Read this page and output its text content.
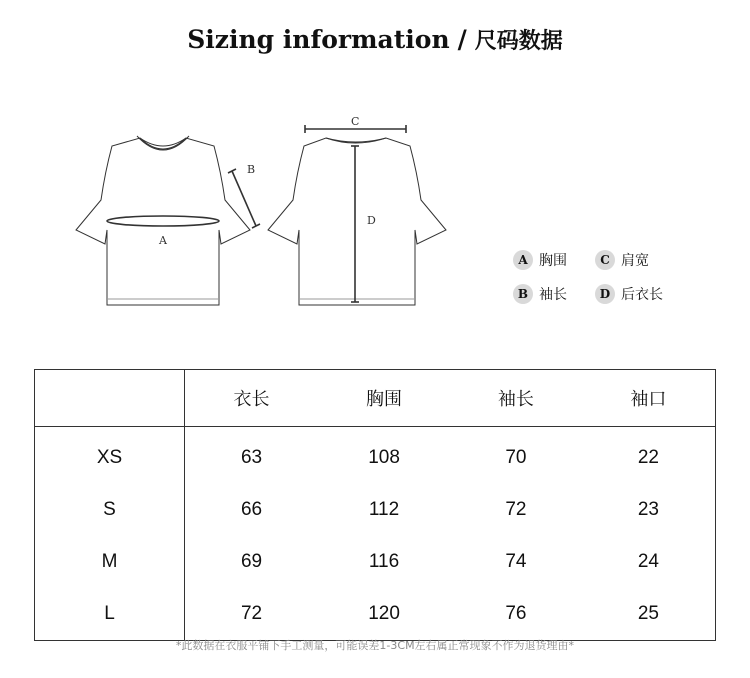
Sizing information / 尺码数据
A
B
C
D
A 胸围	C 肩宽
B 袖长	D 后衣长
	衣长	胸围	袖长	袖口
XS	63	108	70	22
S	66	112	72	23
M	69	116	74	24
L	72	120	76	25
*此数据在衣服平铺下手工测量，可能误差1-3CM左右属正常现象不作为退货理由*
